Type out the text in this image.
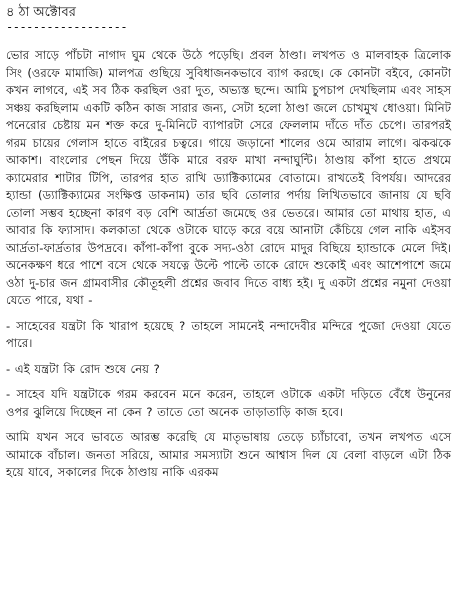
৪ ঠা অক্টোবর

------------------

ভোর সাড়ে পাঁচটা নাগাদ ঘুম থেকে উঠে পড়েছি। প্রবল ঠাণ্ডা। লখপত ও মালবাহক ত্রিলোক সিং (ওরফে মামাজি) মালপত্র গুছিয়ে সুবিধাজনকভাবে ব্যাগ করছে। কে কোনটা বইবে, কোনটা কখন লাগবে, এই সব ঠিক করছিল ওরা দুত, অভ্যস্ত ছন্দে। আমি চুপচাপ দেখছিলাম এবং সাহস সঞ্চয় করছিলাম একটি কঠিন কাজ সারার জন্য, সেটা হলো ঠাণ্ডা জলে চোখমুখ ধোওয়া। মিনিট পনেরোর চেষ্টায় মন শক্ত করে দু-মিনিটে ব্যাপারটা সেরে ফেললাম দাঁতে দাঁত চেপে। তারপরই গরম চায়ের গেলাস হাতে বাইরের চত্বরে। গায়ে জড়ানো শালের ওমে আরাম লাগে। ঝকঝকে আকাশ। বাংলোর পেছন দিয়ে উঁকি মারে বরফ মাখা নন্দাঘুন্টি। ঠাণ্ডায় কাঁপা হাতে প্রথমে ক্যামেরার শাটার টিপি, তারপর হাত রাখি ড্যাক্টিক্যামের বোতামে। রাখতেই বিপর্যয়। আদরের হ্যান্ডা (ড্যাক্টিক্যামের সংক্ষিপ্ত ডাকনাম) তার ছবি তোলার পর্দায় লিখিতভাবে জানায় যে ছবি তোলা সম্ভব হচ্ছেনা কারণ বড় বেশি আর্দ্রতা জমেছে ওর ভেতরে। আমার তো মাথায় হাত, এ আবার কি ফ্যাসাদ। কলকাতা থেকে ওটাকে ঘাড়ে করে বয়ে আনাটা কেঁচিয়ে গেল নাকি এইসব আর্দ্রতা-ফার্দ্রতার উপদ্রবে। কাঁপা-কাঁপা বুকে সদ্য-ওঠা রোদে মাদুর বিছিয়ে হ্যান্ডাকে মেলে দিই। অনেকক্ষণ ধরে পাশে বসে থেকে সযত্নে উল্টে পাল্টে তাকে রোদে শুকোই এবং আশেপাশে জমে ওঠা দু-চার জন গ্রামবাসীর কৌতূহলী প্রশ্নের জবাব দিতে বাধ্য হই। দু একটা প্রশ্নের নমুনা দেওয়া যেতে পারে, যথা -

- সাহেবের যন্ত্রটা কি খারাপ হয়েছে ? তাহলে সামনেই নন্দাদেবীর মন্দিরে পুজো দেওয়া যেতে পারে।

- এই যন্ত্রটা কি রোদ শুষে নেয় ?

- সাহেব যদি যন্ত্রটাকে গরম করবেন মনে করেন, তাহলে ওটাকে একটা দড়িতে বেঁধে উনুনের ওপর ঝুলিয়ে দিচ্ছেন না কেন ? তাতে তো অনেক তাড়াতাড়ি কাজ হবে।

আমি যখন সবে ভাবতে আরম্ভ করেছি যে মাতৃভাষায় তেড়ে চ্যাঁচাবো, তখন লখপত এসে আমাকে বাঁচাল। জনতা সরিয়ে, আমার সমস্যাটা শুনে আশ্বাস দিল যে বেলা বাড়লে এটা ঠিক হয়ে যাবে, সকালের দিকে ঠাণ্ডায় নাকি এরকম
